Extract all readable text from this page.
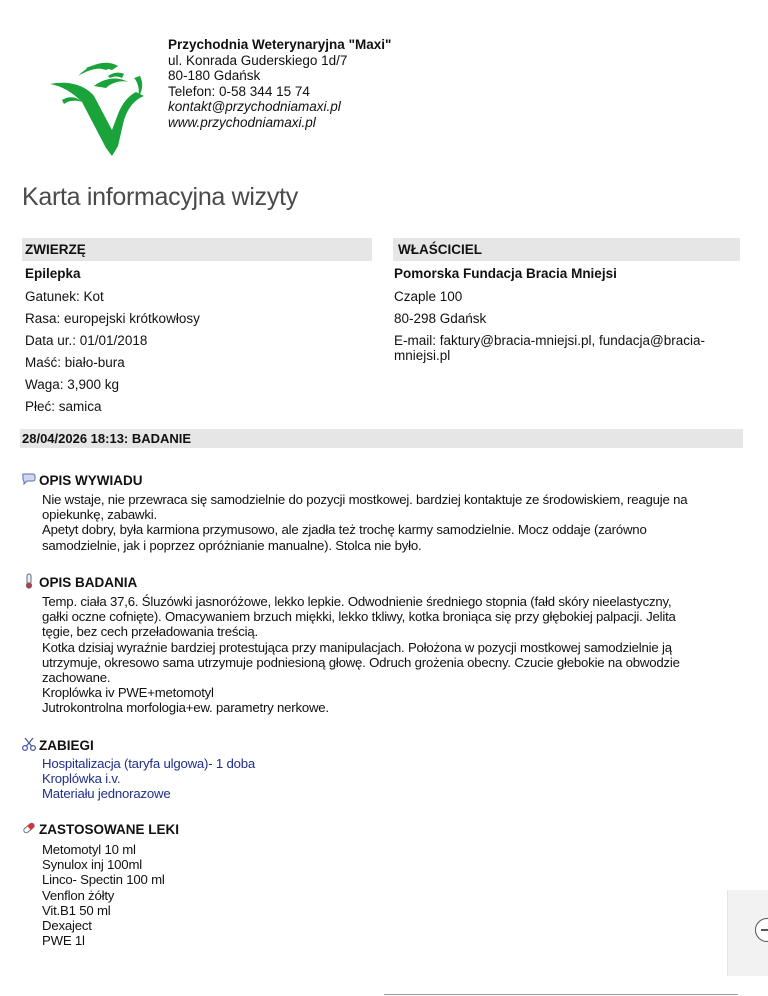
Przychodnia Weterynaryjna "Maxi"
ul. Konrada Guderskiego 1d/7
80-180 Gdańsk
Telefon: 0-58 344 15 74
kontakt@przychodniamaxi.pl
www.przychodniamaxi.pl
Karta informacyjna wizyty
ZWIERZĘ	WŁAŚCICIEL
Epilepka
Gatunek: Kot
Rasa: europejski krótkowłosy
Data ur.: 01/01/2018
Maść: biało-bura
Waga: 3,900 kg
Płeć: samica
Pomorska Fundacja Bracia Mniejsi
Czaple 100
80-298 Gdańsk
E-mail: faktury@bracia-mniejsi.pl, fundacja@bracia-
mniejsi.pl
28/04/2026 18:13: BADANIE
OPIS WYWIADU
Nie wstaje, nie przewraca się samodzielnie do pozycji mostkowej. bardziej kontaktuje ze środowiskiem, reaguje na
opiekunkę, zabawki.
Apetyt dobry, była karmiona przymusowo, ale zjadła też trochę karmy samodzielnie. Mocz oddaje (zarówno
samodzielnie, jak i poprzez opróżnianie manualne). Stolca nie było.
OPIS BADANIA
Temp. ciała 37,6. Śluzówki jasnoróżowe, lekko lepkie. Odwodnienie średniego stopnia (fałd skóry nieelastyczny,
gałki oczne cofnięte). Omacywaniem brzuch miękki, lekko tkliwy, kotka broniąca się przy głębokiej palpacji. Jelita
tęgie, bez cech przeładowania treścią.
Kotka dzisiaj wyraźnie bardziej protestująca przy manipulacjach. Położona w pozycji mostkowej samodzielnie ją
utrzymuje, okresowo sama utrzymuje podniesioną głowę. Odruch grożenia obecny. Czucie głebokie na obwodzie
zachowane.
Kroplówka iv PWE+metomotyl
Jutrokontrolna morfologia+ew. parametry nerkowe.
ZABIEGI
Hospitalizacja (taryfa ulgowa)- 1 doba
Kroplówka i.v.
Materiału jednorazowe
ZASTOSOWANE LEKI
Metomotyl 10 ml
Synulox inj 100ml
Linco- Spectin 100 ml
Venflon żółty
Vit.B1 50 ml
Dexaject
PWE 1l
